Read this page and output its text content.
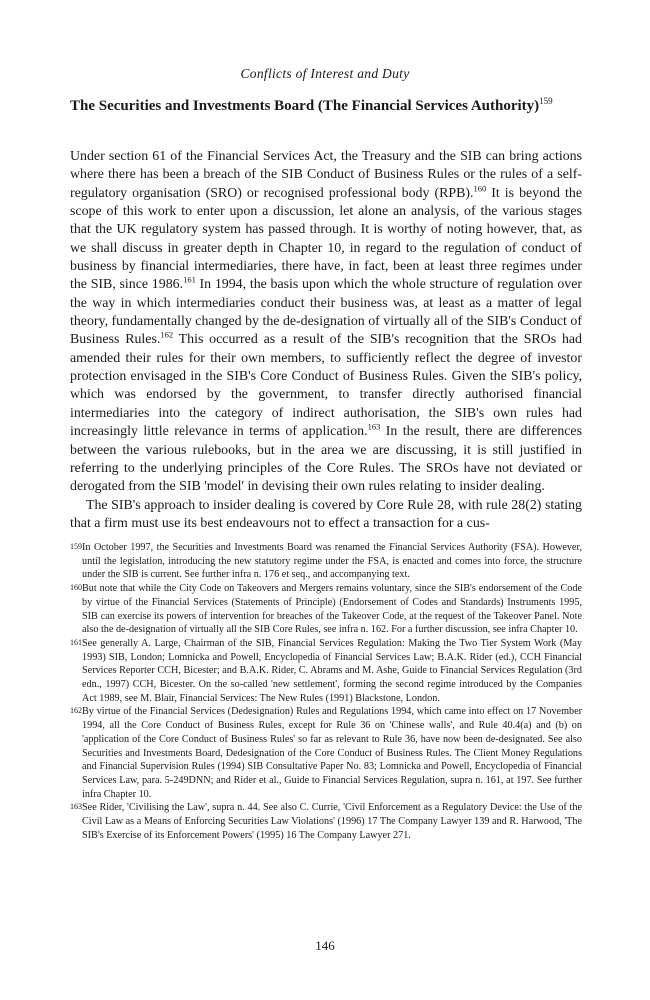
Conflicts of Interest and Duty
The Securities and Investments Board (The Financial Services Authority)$^{159}$

Under section 61 of the Financial Services Act, the Treasury and the SIB can bring actions where there has been a breach of the SIB Conduct of Business Rules or the rules of a self-regulatory organisation (SRO) or recognised professional body (RPB).$^{160}$ It is beyond the scope of this work to enter upon a discussion, let alone an analysis, of the various stages that the UK regulatory system has passed through. It is worthy of noting however, that, as we shall discuss in greater depth in Chapter 10, in regard to the regulation of conduct of business by financial intermediaries, there have, in fact, been at least three regimes under the SIB, since 1986.$^{161}$ In 1994, the basis upon which the whole structure of regulation over the way in which intermediaries conduct their business was, at least as a matter of legal theory, fundamentally changed by the de-designation of virtually all of the SIB's Conduct of Business Rules.$^{162}$ This occurred as a result of the SIB's recognition that the SROs had amended their rules for their own members, to sufficiently reflect the degree of investor protection envisaged in the SIB's Core Conduct of Business Rules. Given the SIB's policy, which was endorsed by the government, to transfer directly authorised financial intermediaries into the category of indirect authorisation, the SIB's own rules had increasingly little relevance in terms of application.$^{163}$ In the result, there are differences between the various rulebooks, but in the area we are discussing, it is still justified in referring to the underlying principles of the Core Rules. The SROs have not deviated or derogated from the SIB 'model' in devising their own rules relating to insider dealing.

The SIB's approach to insider dealing is covered by Core Rule 28, with rule 28(2) stating that a firm must use its best endeavours not to effect a transaction for a cus-

159 In October 1997, the Securities and Investments Board was renamed the Financial Services Authority (FSA). However, until the legislation, introducing the new statutory regime under the FSA, is enacted and comes into force, the structure under the SIB is current. See further infra n. 176 et seq., and accompanying text.
160 But note that while the City Code on Takeovers and Mergers remains voluntary, since the SIB's endorsement of the Code by virtue of the Financial Services (Statements of Principle) (Endorsement of Codes and Standards) Instruments 1995, SIB can exercise its powers of intervention for breaches of the Takeover Code, at the request of the Takeover Panel. Note also the de-designation of virtually all the SIB Core Rules, see infra n. 162. For a further discussion, see infra Chapter 10.
161 See generally A. Large, Chairman of the SIB, Financial Services Regulation: Making the Two Tier System Work (May 1993) SIB, London; Lomnicka and Powell, Encyclopedia of Financial Services Law; B.A.K. Rider (ed.), CCH Financial Services Reporter CCH, Bicester; and B.A.K. Rider, C. Abrams and M. Ashe, Guide to Financial Services Regulation (3rd edn., 1997) CCH, Bicester. On the so-called 'new settlement', forming the second regime introduced by the Companies Act 1989, see M. Blair, Financial Services: The New Rules (1991) Blackstone, London.
162 By virtue of the Financial Services (Dedesignation) Rules and Regulations 1994, which came into effect on 17 November 1994, all the Core Conduct of Business Rules, except for Rule 36 on 'Chinese walls', and Rule 40.4(a) and (b) on 'application of the Core Conduct of Business Rules' so far as relevant to Rule 36, have now been de-designated. See also Securities and Investments Board, Dedesignation of the Core Conduct of Business Rules. The Client Money Regulations and Financial Supervision Rules (1994) SIB Consultative Paper No. 83; Lomnicka and Powell, Encyclopedia of Financial Services Law, para. 5-249DNN; and Rider et al., Guide to Financial Services Regulation, supra n. 161, at 197. See further infra Chapter 10.
163 See Rider, 'Civilising the Law', supra n. 44. See also C. Currie, 'Civil Enforcement as a Regulatory Device: the Use of the Civil Law as a Means of Enforcing Securities Law Violations' (1996) 17 The Company Lawyer 139 and R. Harwood, 'The SIB's Exercise of its Enforcement Powers' (1995) 16 The Company Lawyer 271.
146
